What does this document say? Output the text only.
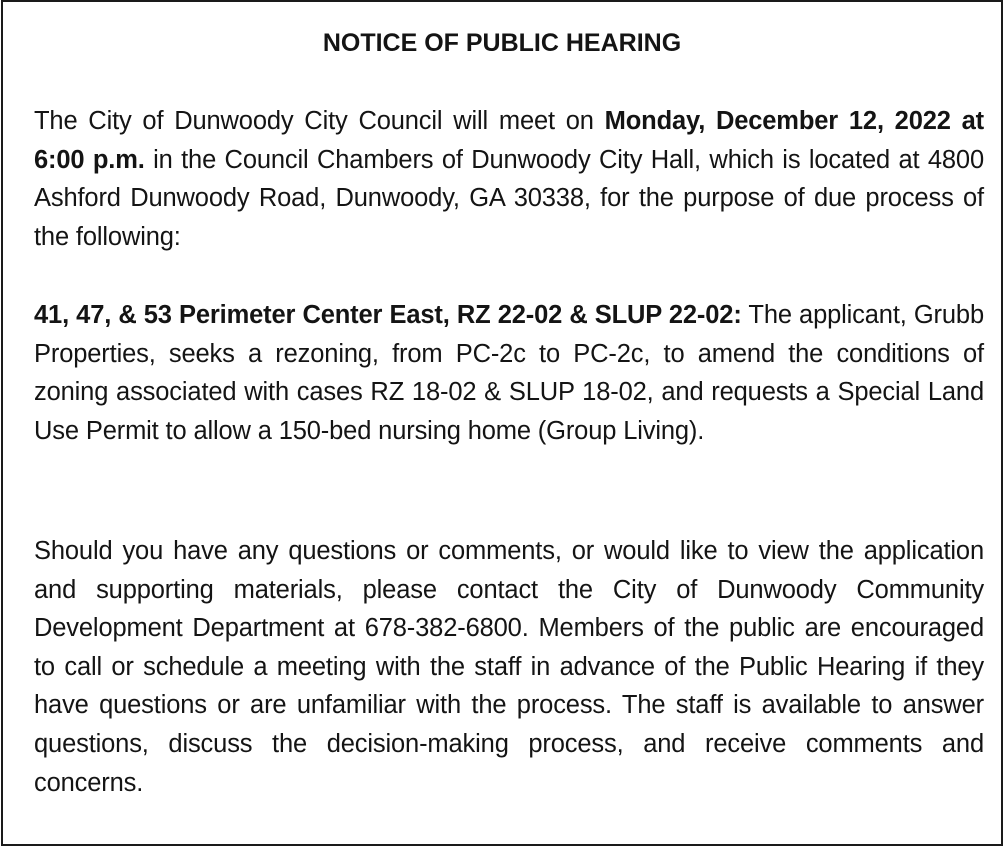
NOTICE OF PUBLIC HEARING

The City of Dunwoody City Council will meet on Monday, December 12, 2022 at 6:00 p.m. in the Council Chambers of Dunwoody City Hall, which is located at 4800 Ashford Dunwoody Road, Dunwoody, GA 30338, for the purpose of due process of the following:

41, 47, & 53 Perimeter Center East, RZ 22-02 & SLUP 22-02: The applicant, Grubb Properties, seeks a rezoning, from PC-2c to PC-2c, to amend the conditions of zoning associated with cases RZ 18-02 & SLUP 18-02, and requests a Special Land Use Permit to allow a 150-bed nursing home (Group Living).

Should you have any questions or comments, or would like to view the application and supporting materials, please contact the City of Dunwoody Community Development Department at 678-382-6800. Members of the public are encouraged to call or schedule a meeting with the staff in advance of the Public Hearing if they have questions or are unfamiliar with the process. The staff is available to answer questions, discuss the decision-making process, and receive comments and concerns.
